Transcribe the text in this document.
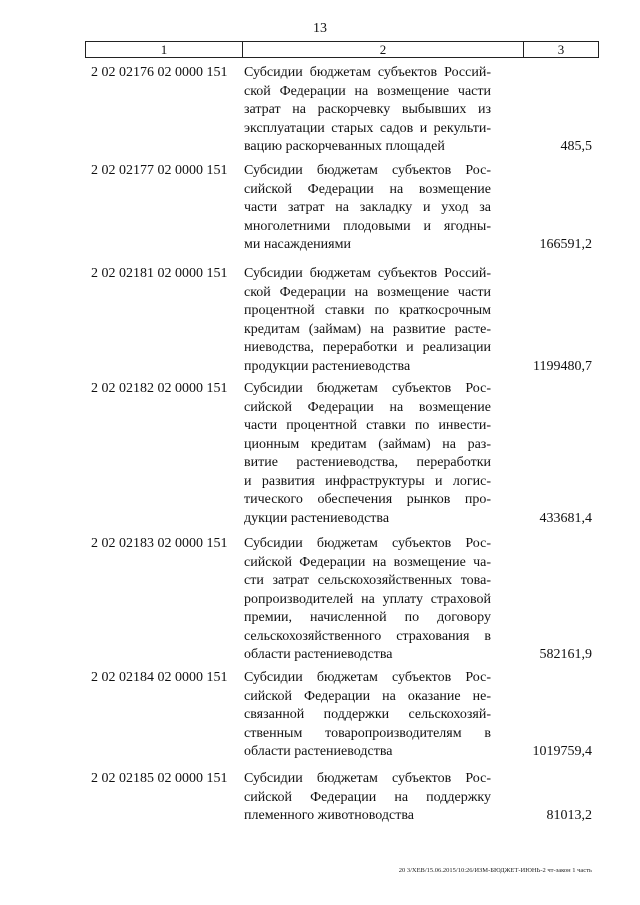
13
1	2	3
2 02 02176 02 0000 151 Субсидии бюджетам субъектов Россий-
ской Федерации на возмещение части
затрат на раскорчевку выбывших из
эксплуатации старых садов и рекульти-
вацию раскорчеванных площадей	485,5
2 02 02177 02 0000 151 Субсидии бюджетам субъектов Рос-
сийской Федерации на возмещение
части затрат на закладку и уход за
многолетними плодовыми и ягодны-
ми насаждениями	166591,2
2 02 02181 02 0000 151 Субсидии бюджетам субъектов Россий-
ской Федерации на возмещение части
процентной ставки по краткосрочным
кредитам (займам) на развитие расте-
ниеводства, переработки и реализации
продукции растениеводства	1199480,7
2 02 02182 02 0000 151 Субсидии бюджетам субъектов Рос-
сийской Федерации на возмещение
части процентной ставки по инвести-
ционным кредитам (займам) на раз-
витие растениеводства, переработки
и развития инфраструктуры и логис-
тического обеспечения рынков про-
дукции растениеводства	433681,4
2 02 02183 02 0000 151 Субсидии бюджетам субъектов Рос-
сийской Федерации на возмещение ча-
сти затрат сельскохозяйственных това-
ропроизводителей на уплату страховой
премии, начисленной по договору
сельскохозяйственного страхования в
области растениеводства	582161,9
2 02 02184 02 0000 151 Субсидии бюджетам субъектов Рос-
сийской Федерации на оказание не-
связанной поддержки сельскохозяй-
ственным товаропроизводителям в
области растениеводства	1019759,4
2 02 02185 02 0000 151 Субсидии бюджетам субъектов Рос-
сийской Федерации на поддержку
племенного животноводства	81013,2
20 3/ХЕВ/15.06.2015/10:26/ИЗМ-БЮДЖЕТ-ИЮНЬ-2 чт-закон 1 часть
